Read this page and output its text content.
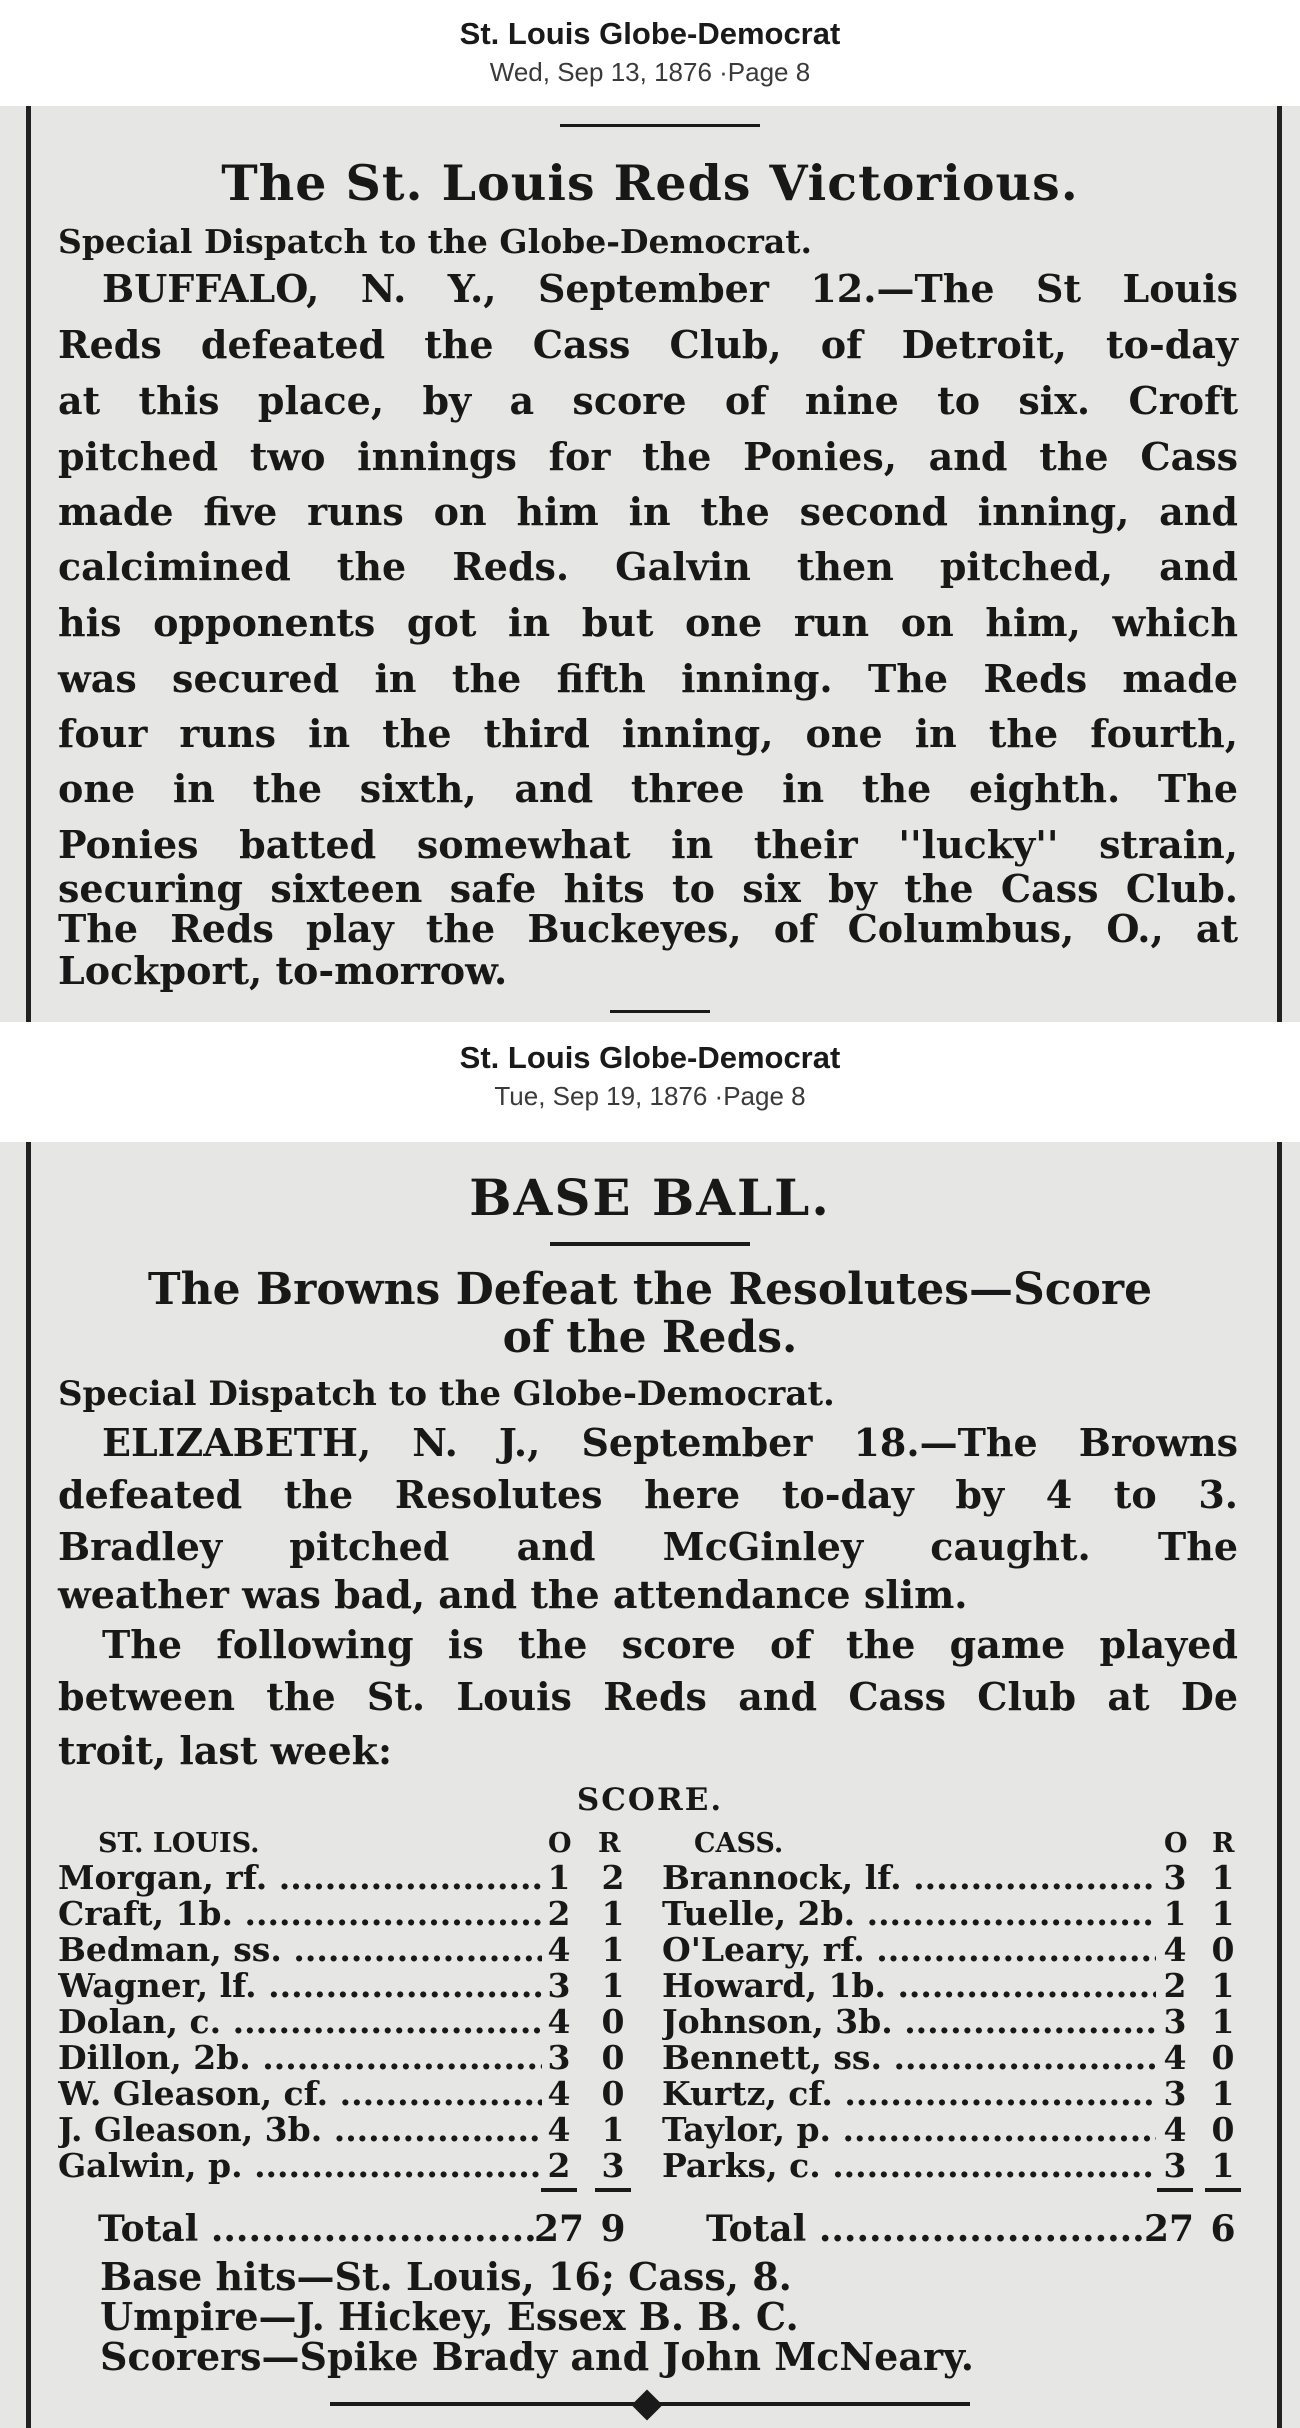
St. Louis Globe-Democrat
Wed, Sep 13, 1876 ·Page 8
The St. Louis Reds Victorious.
Special Dispatch to the Globe-Democrat.
BUFFALO, N. Y., September 12.—The St Louis
Reds defeated the Cass Club, of Detroit, to-day
at this place, by a score of nine to six. Croft
pitched two innings for the Ponies, and the Cass
made five runs on him in the second inning, and
calcimined the Reds. Galvin then pitched, and
his opponents got in but one run on him, which
was secured in the fifth inning. The Reds made
four runs in the third inning, one in the fourth,
one in the sixth, and three in the eighth. The
Ponies batted somewhat in their ''lucky'' strain,
securing sixteen safe hits to six by the Cass Club.
The Reds play the Buckeyes, of Columbus, O., at
Lockport, to-morrow.
St. Louis Globe-Democrat
Tue, Sep 19, 1876 ·Page 8
BASE BALL.
The Browns Defeat the Resolutes—Score
of the Reds.
Special Dispatch to the Globe-Democrat.
ELIZABETH, N. J., September 18.—The Browns
defeated the Resolutes here to-day by 4 to 3.
Bradley pitched and McGinley caught. The
weather was bad, and the attendance slim.
The following is the score of the game played
between the St. Louis Reds and Cass Club at De
troit, last week:
SCORE.
ST. LOUIS.	O R
Morgan, rf. .....	1 2
Craft, 1b. .....	2 1
Bedman, ss. .....	4 1
Wagner, lf. .....	3 1
Dolan, c. .....	4 0
Dillon, 2b. .....	3 0
W. Gleason, cf. .....	4 0
J. Gleason, 3b. .....	4 1
Galwin, p. .....	2 3
CASS.	O R
Brannock, lf. .....	3 1
Tuelle, 2b. .....	1 1
O'Leary, rf. .....	4 0
Howard, 1b. .....	2 1
Johnson, 3b. .....	3 1
Bennett, ss. .....	4 0
Kurtz, cf. .....	3 1
Taylor, p. .....	4 0
Parks, c. .....	3 1
Total .....	27 9 Total .....	27 6
Base hits—St. Louis, 16; Cass, 8.
Umpire—J. Hickey, Essex B. B. C.
Scorers—Spike Brady and John McNeary.
